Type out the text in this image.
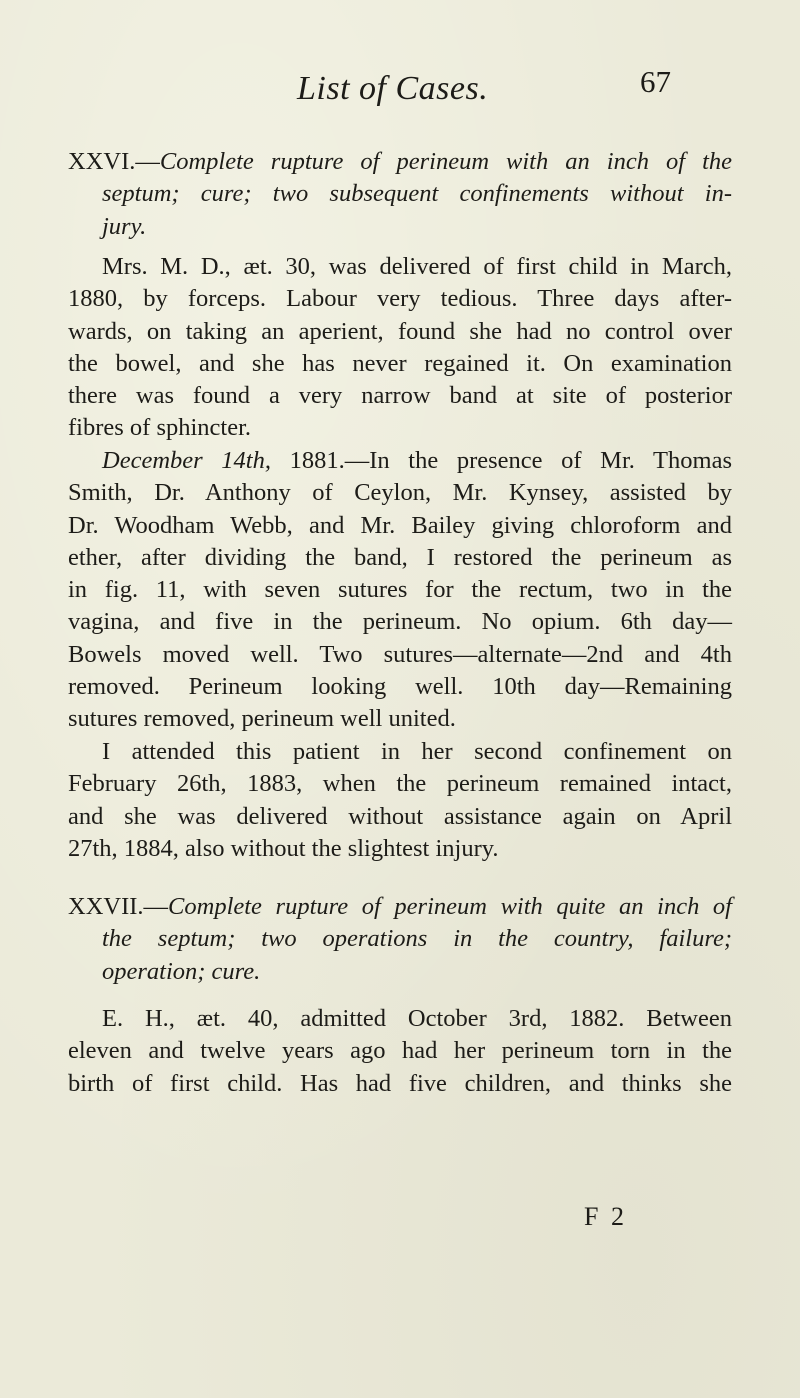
List of Cases.	67
XXVI.—Complete rupture of perineum with an inch of the
septum; cure; two subsequent confinements without in-
jury.
Mrs. M. D., æt. 30, was delivered of first child in March,
1880, by forceps. Labour very tedious. Three days after-
wards, on taking an aperient, found she had no control over
the bowel, and she has never regained it. On examination
there was found a very narrow band at site of posterior
fibres of sphincter.
December 14th, 1881.—In the presence of Mr. Thomas
Smith, Dr. Anthony of Ceylon, Mr. Kynsey, assisted by
Dr. Woodham Webb, and Mr. Bailey giving chloroform and
ether, after dividing the band, I restored the perineum as
in fig. 11, with seven sutures for the rectum, two in the
vagina, and five in the perineum. No opium. 6th day—
Bowels moved well. Two sutures—alternate—2nd and 4th
removed. Perineum looking well. 10th day—Remaining
sutures removed, perineum well united.
I attended this patient in her second confinement on
February 26th, 1883, when the perineum remained intact,
and she was delivered without assistance again on April
27th, 1884, also without the slightest injury.
XXVII.—Complete rupture of perineum with quite an inch of
the septum; two operations in the country, failure;
operation; cure.
E. H., æt. 40, admitted October 3rd, 1882. Between
eleven and twelve years ago had her perineum torn in the
birth of first child. Has had five children, and thinks she
F 2
